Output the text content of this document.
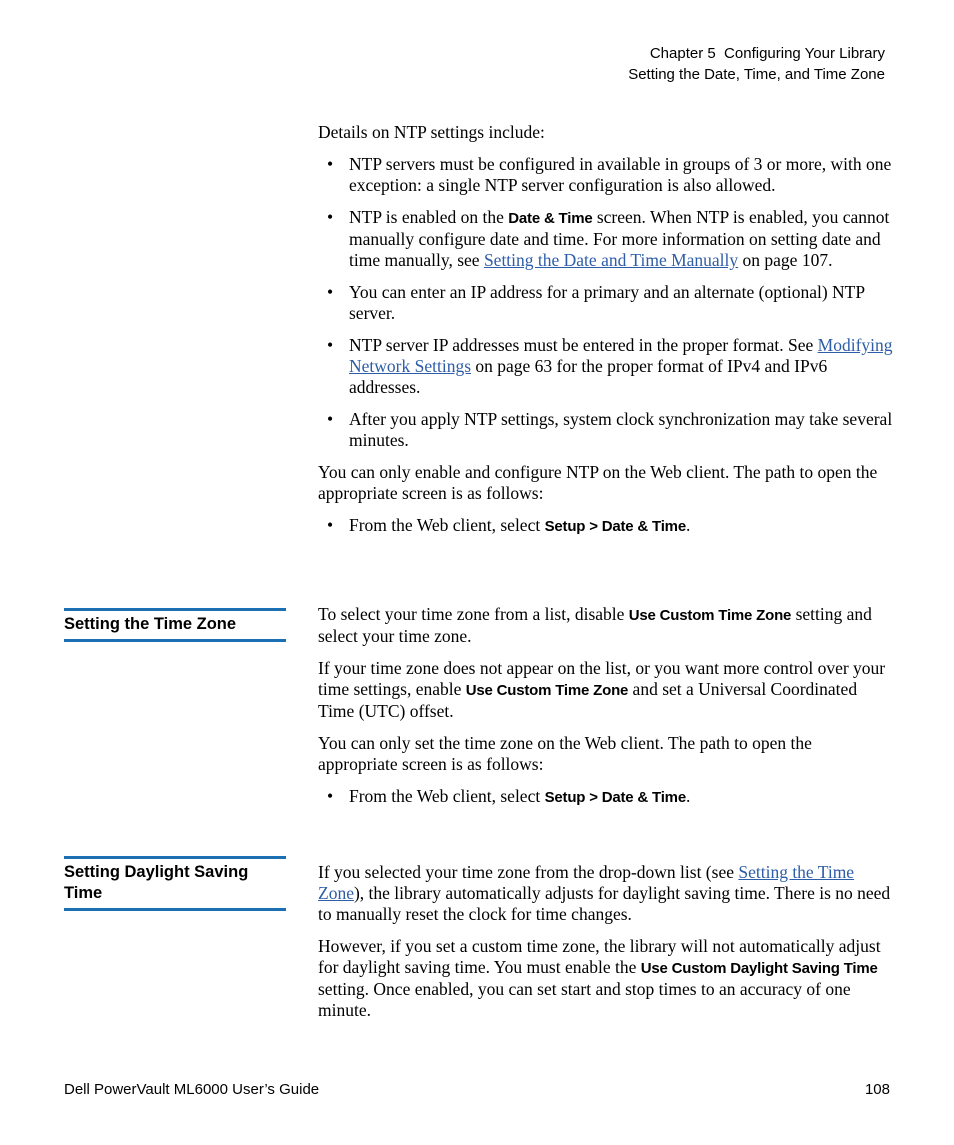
Chapter 5  Configuring Your Library
Setting the Date, Time, and Time Zone

Details on NTP settings include:

• NTP servers must be configured in available in groups of 3 or more, with one exception: a single NTP server configuration is also allowed.
• NTP is enabled on the Date & Time screen. When NTP is enabled, you cannot manually configure date and time. For more information on setting date and time manually, see Setting the Date and Time Manually on page 107.
• You can enter an IP address for a primary and an alternate (optional) NTP server.
• NTP server IP addresses must be entered in the proper format. See Modifying Network Settings on page 63 for the proper format of IPv4 and IPv6 addresses.
• After you apply NTP settings, system clock synchronization may take several minutes.

You can only enable and configure NTP on the Web client. The path to open the appropriate screen is as follows:

• From the Web client, select Setup > Date & Time.
Setting the Time Zone	To select your time zone from a list, disable Use Custom Time Zone setting and select your time zone.

If your time zone does not appear on the list, or you want more control over your time settings, enable Use Custom Time Zone and set a Universal Coordinated Time (UTC) offset.

You can only set the time zone on the Web client. The path to open the appropriate screen is as follows:

• From the Web client, select Setup > Date & Time.
Setting Daylight Saving Time

If you selected your time zone from the drop-down list (see Setting the Time Zone), the library automatically adjusts for daylight saving time. There is no need to manually reset the clock for time changes.

However, if you set a custom time zone, the library will not automatically adjust for daylight saving time. You must enable the Use Custom Daylight Saving Time setting. Once enabled, you can set start and stop times to an accuracy of one minute.

Dell PowerVault ML6000 User’s Guide	108
